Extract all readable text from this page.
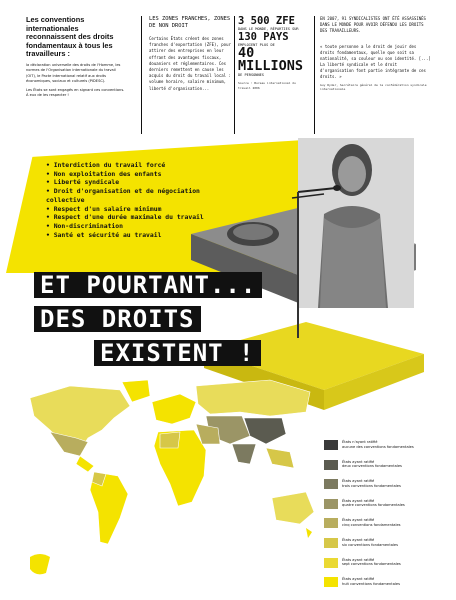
Les conventions internationales reconnaissent des droits fondamentaux à tous les travailleurs :

la déclaration universelle des droits de l'Homme, les normes de l'Organisation internationale du travail (OIT), le Pacte international relatif aux droits économiques, sociaux et culturels (PIDESC).

Les États se sont engagés en signant ces conventions. À eux de les respecter !

LES ZONES FRANCHES, ZONES DE NON DROIT

Certains États créent des zones franches d'exportation (ZFE), pour attirer des entreprises en leur offrant des avantages fiscaux, douaniers et réglementaires. Ces derniers remettent en cause les acquis du droit du travail local : volume horaire, salaire minimum, liberté d'organisation...

3 500 ZFE
DANS LE MONDE, RÉPARTIES SUR
130 PAYS
EMPLOIENT PLUS DE
40 MILLIONS
DE PERSONNES
Source : Bureau international du travail 2006
EN 2007, 91 SYNDICALISTES ONT ÉTÉ ASSASSINÉS DANS LE MONDE POUR AVOIR DÉFENDU LES DROITS DES TRAVAILLEURS.
« toute personne a le droit de jouir des droits fondamentaux, quelle que soit sa nationalité, sa couleur ou son identité. [...] La liberté syndicale et le droit d'organisation font partie intégrante de ces droits. »
Guy Ryder, Secrétaire général de la confédération syndicale internationale
• Interdiction du travail forcé
• Non exploitation des enfants
• Liberté syndicale
• Droit d'organisation et de négociation collective
• Respect d'un salaire minimum
• Respect d'une durée maximale du travail
• Non-discrimination
• Santé et sécurité au travail
ET POURTANT...
DES DROITS
EXISTENT !
États n'ayant ratifié
aucune des conventions fondamentales
États ayant ratifié
deux conventions fondamentales
États ayant ratifié
trois conventions fondamentales
États ayant ratifié
quatre conventions fondamentales
États ayant ratifié
cinq conventions fondamentales
États ayant ratifié
six conventions fondamentales
États ayant ratifié
sept conventions fondamentales
États ayant ratifié
huit conventions fondamentales
